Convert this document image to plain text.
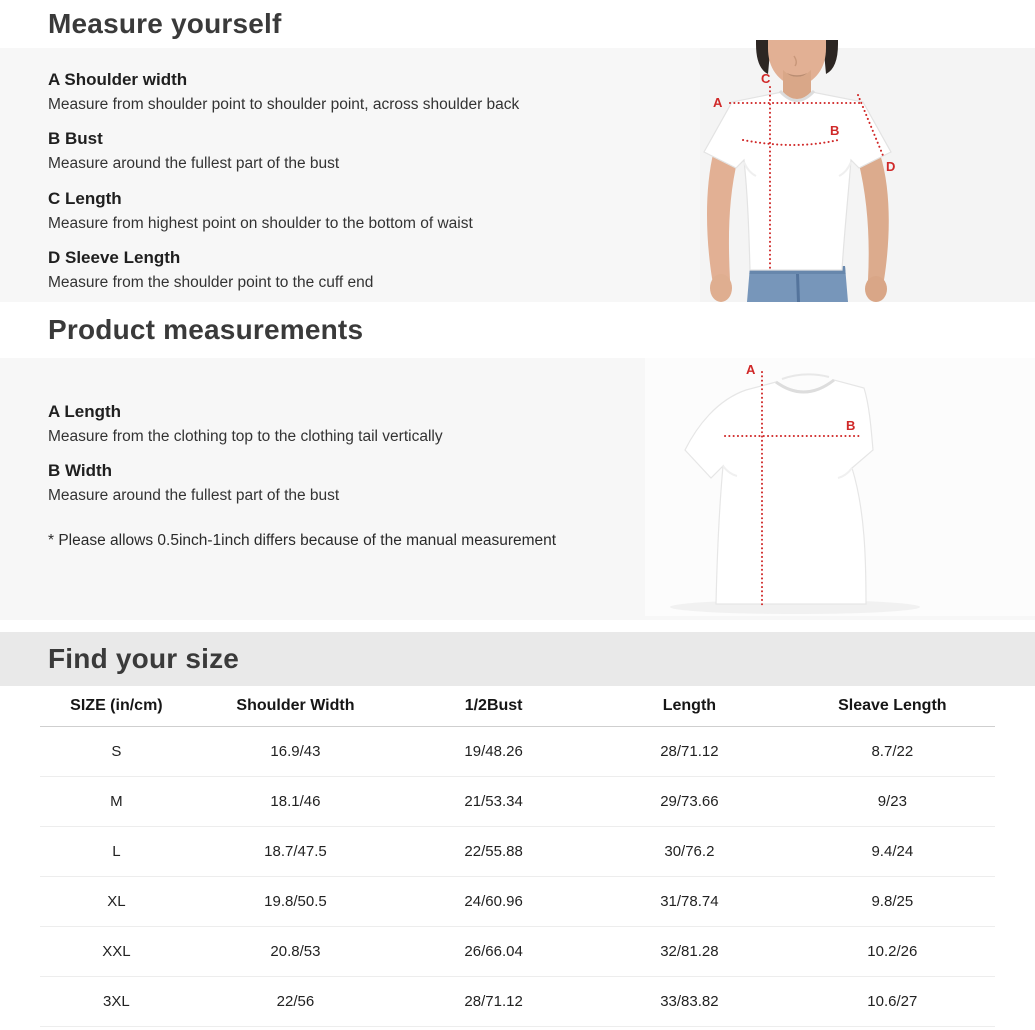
Measure yourself
A Shoulder width

Measure from shoulder point to shoulder point, across shoulder back

B Bust

Measure around the fullest part of the bust

C Length

Measure from highest point on shoulder to the bottom of waist

D Sleeve Length

Measure from the shoulder point to the cuff end

A
B
C
D
Product measurements
A Length

Measure from the clothing top to the clothing tail vertically

B Width

Measure around the fullest part of the bust

* Please allows 0.5inch-1inch differs because of the manual measurement

A
B
Find your size
SIZE (in/cm)	Shoulder Width	1/2Bust	Length	Sleave Length
S	16.9/43	19/48.26	28/71.12	8.7/22
M	18.1/46	21/53.34	29/73.66	9/23
L	18.7/47.5	22/55.88	30/76.2	9.4/24
XL	19.8/50.5	24/60.96	31/78.74	9.8/25
XXL	20.8/53	26/66.04	32/81.28	10.2/26
3XL	22/56	28/71.12	33/83.82	10.6/27
